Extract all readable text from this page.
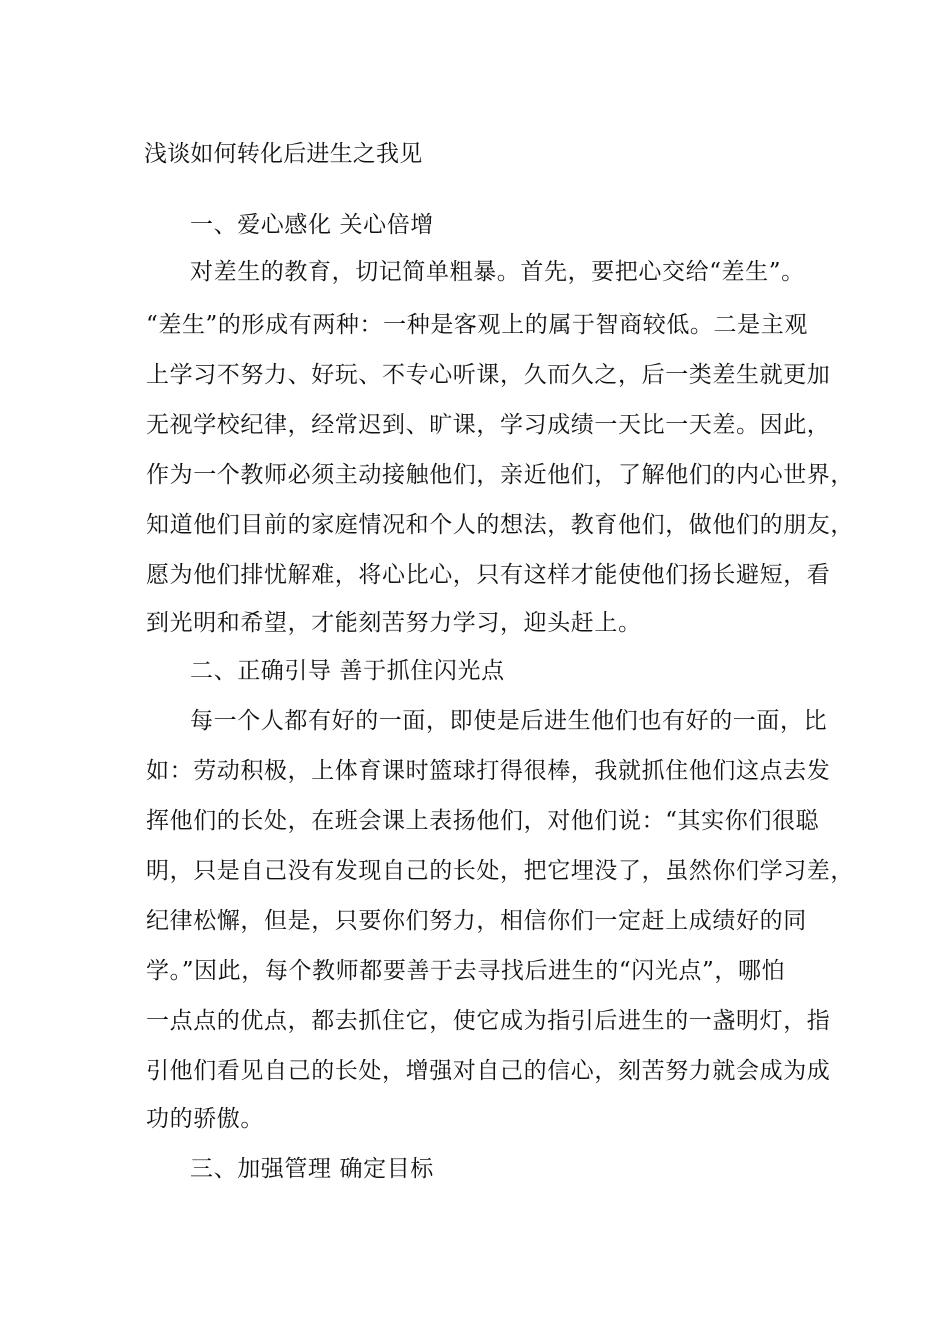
浅谈如何转化后进生之我见
一、爱心感化 关心倍增
对差生的教育，切记简单粗暴。首先，要把心交给“差生”。
“差生”的形成有两种：一种是客观上的属于智商较低。二是主观
上学习不努力、好玩、不专心听课，久而久之，后一类差生就更加
无视学校纪律，经常迟到、旷课，学习成绩一天比一天差。因此，
作为一个教师必须主动接触他们，亲近他们，了解他们的内心世界，
知道他们目前的家庭情况和个人的想法，教育他们，做他们的朋友，
愿为他们排忧解难，将心比心，只有这样才能使他们扬长避短，看
到光明和希望，才能刻苦努力学习，迎头赶上。
二、正确引导 善于抓住闪光点
每一个人都有好的一面，即使是后进生他们也有好的一面，比
如：劳动积极，上体育课时篮球打得很棒，我就抓住他们这点去发
挥他们的长处，在班会课上表扬他们，对他们说：“其实你们很聪
明，只是自己没有发现自己的长处，把它埋没了，虽然你们学习差，
纪律松懈，但是，只要你们努力，相信你们一定赶上成绩好的同
学。”因此，每个教师都要善于去寻找后进生的“闪光点”，哪怕
一点点的优点，都去抓住它，使它成为指引后进生的一盏明灯，指
引他们看见自己的长处，增强对自己的信心，刻苦努力就会成为成
功的骄傲。
三、加强管理 确定目标
